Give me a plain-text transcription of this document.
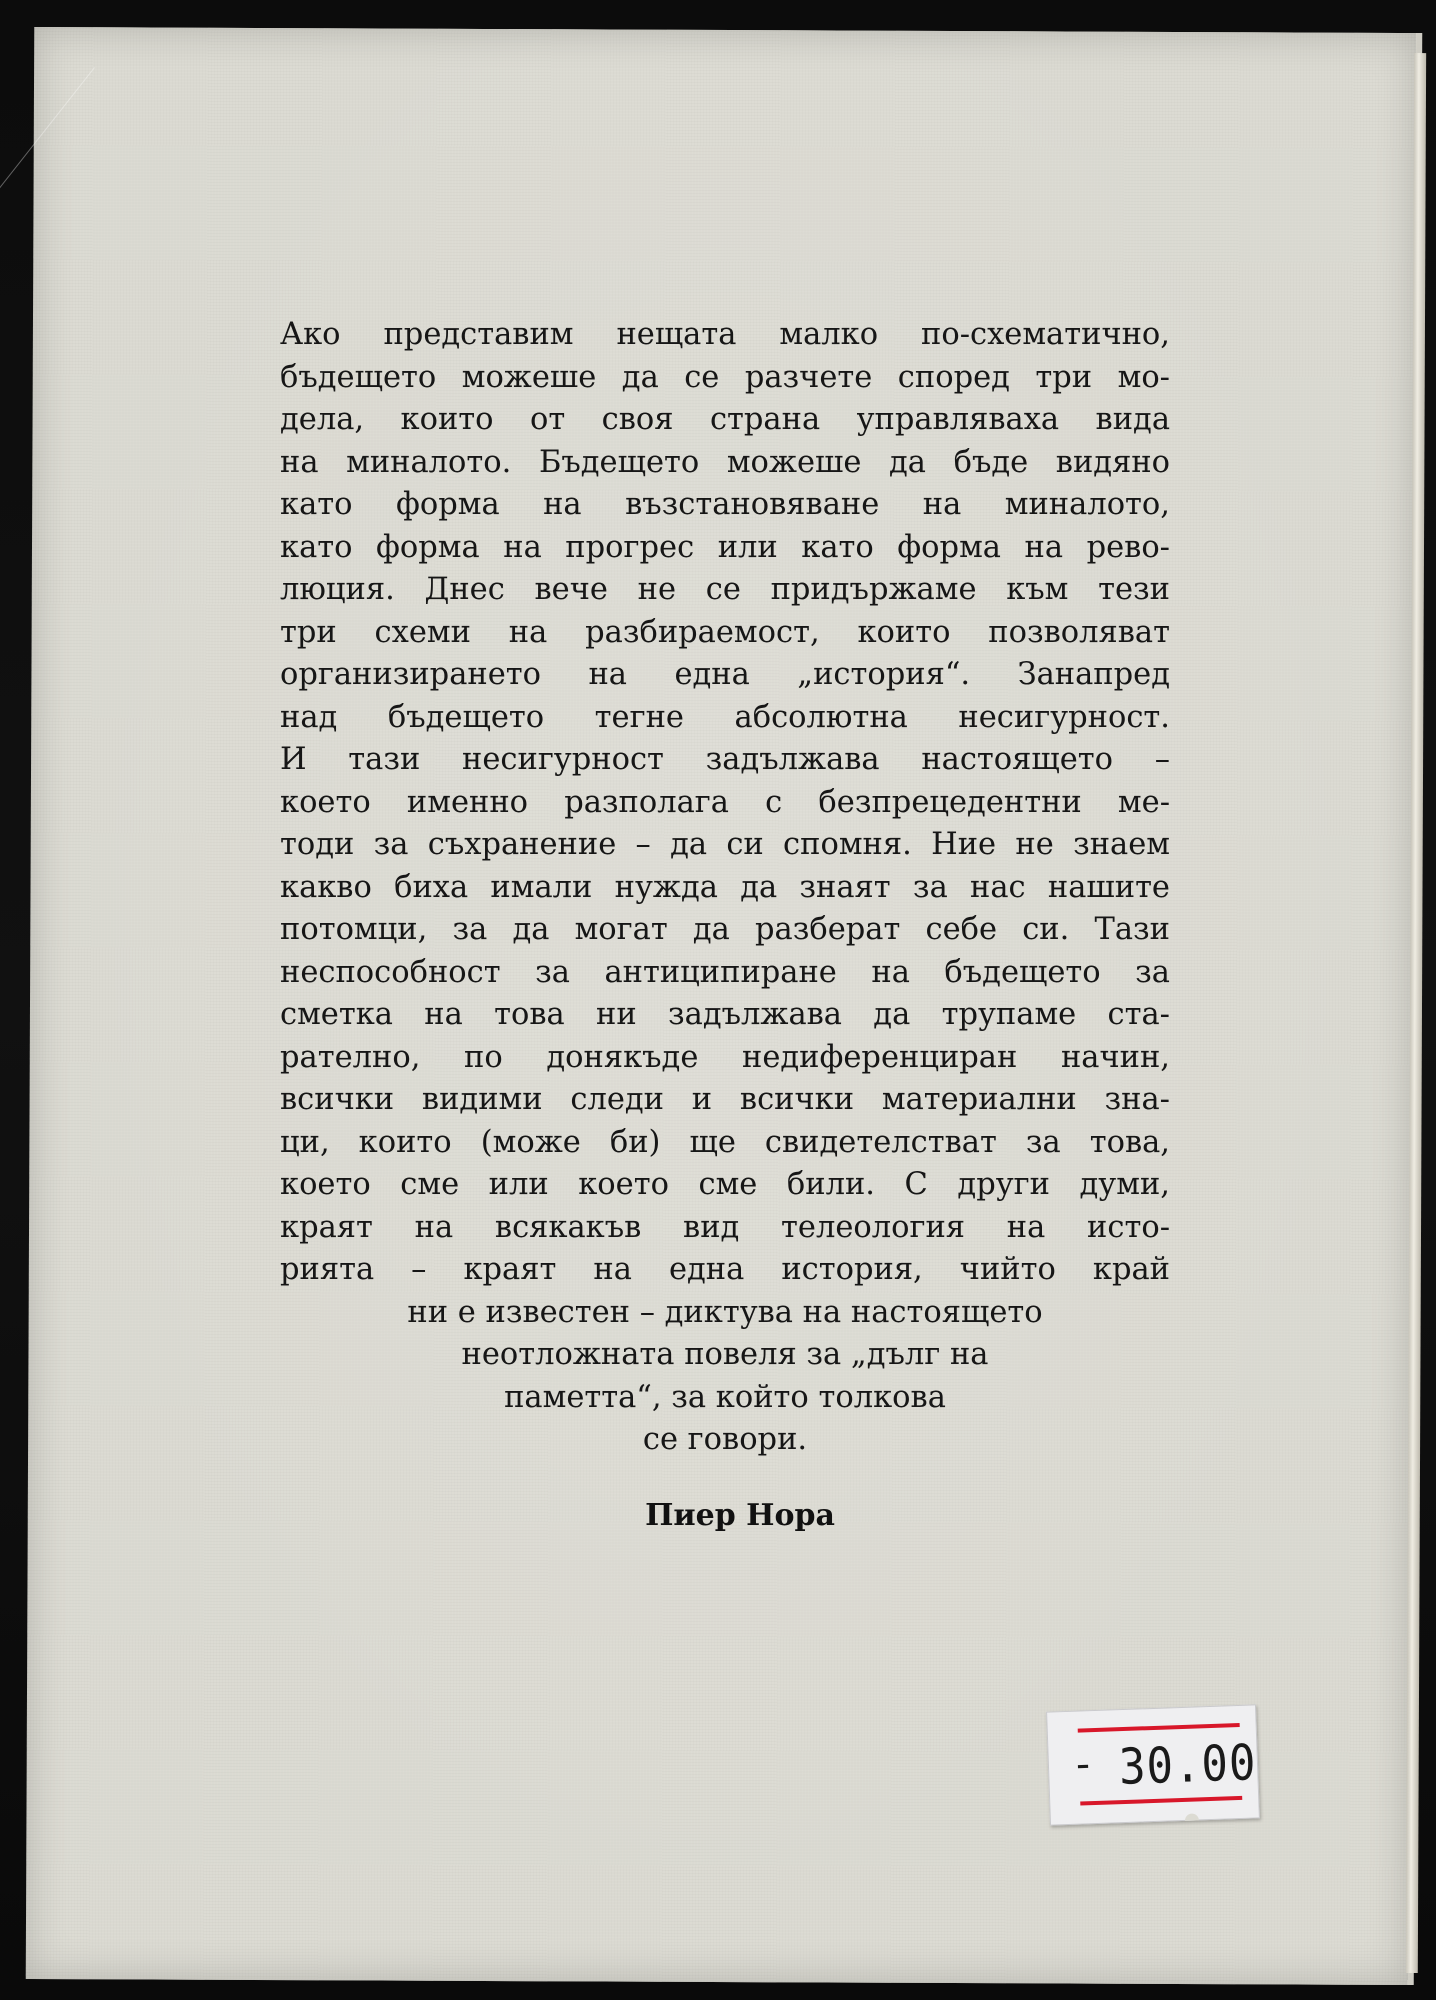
Ако представим нещата малко по-схематично,
бъдещето можеше да се разчете според три мо-
дела, които от своя страна управляваха вида
на миналото. Бъдещето можеше да бъде видяно
като форма на възстановяване на миналото,
като форма на прогрес или като форма на рево-
люция. Днес вече не се придържаме към тези
три схеми на разбираемост, които позволяват
организирането на една „история“. Занапред
над бъдещето тегне абсолютна несигурност.
И тази несигурност задължава настоящето –
което именно разполага с безпрецедентни ме-
тоди за съхранение – да си спомня. Ние не знаем
какво биха имали нужда да знаят за нас нашите
потомци, за да могат да разберат себе си. Тази
неспособност за антиципиране на бъдещето за
сметка на това ни задължава да трупаме ста-
рателно, по донякъде недиференциран начин,
всички видими следи и всички материални зна-
ци, които (може би) ще свидетелстват за това,
което сме или което сме били. С други думи,
краят на всякакъв вид телеология на исто-
рията – краят на една история, чийто край
ни е известен – диктува на настоящето
неотложната повеля за „дълг на
паметта“, за който толкова
се говори.
Пиер Нора
- 30.00
